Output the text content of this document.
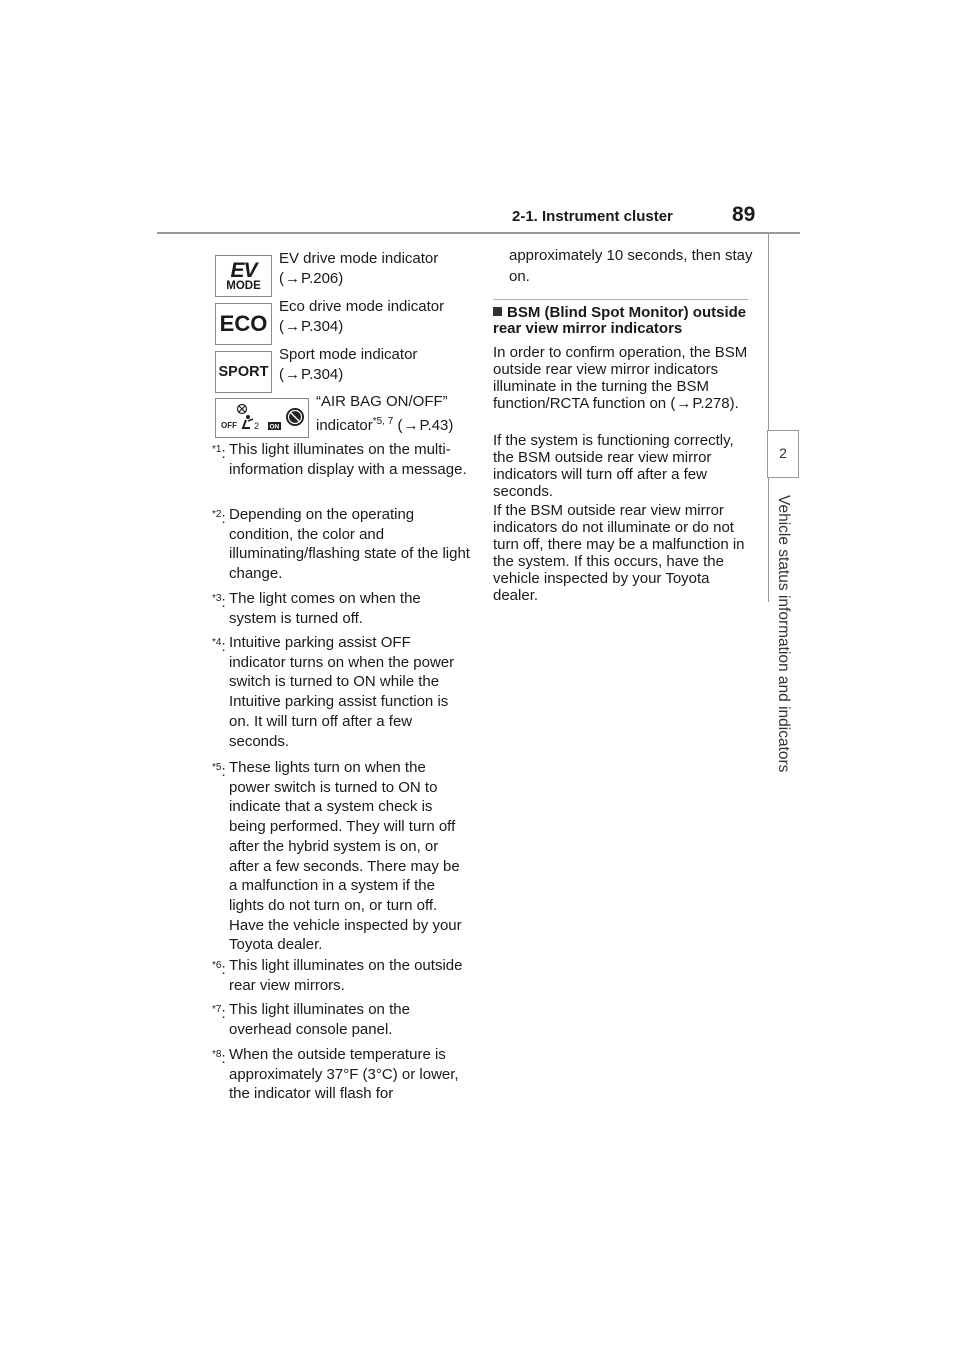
2-1. Instrument cluster	89
2
Vehicle status information and indicators
EV
MODE
EV drive mode indicator
(→P.206)
ECO
Eco drive mode indicator
(→P.304)
SPORT
Sport mode indicator
(→P.304)
OFF 2 ON
“AIR BAG ON/OFF”
indicator$^{*5, 7}$ (→P.43)
$^{*1}$: This light illuminates on the multi-information display with a message.
$^{*2}$: Depending on the operating condition, the color and illuminating/flashing state of the light change.
$^{*3}$: The light comes on when the system is turned off.
$^{*4}$: Intuitive parking assist OFF indicator turns on when the power switch is turned to ON while the Intuitive parking assist function is on. It will turn off after a few seconds.
$^{*5}$: These lights turn on when the power switch is turned to ON to indicate that a system check is being performed. They will turn off after the hybrid system is on, or after a few seconds. There may be a malfunction in a system if the lights do not turn on, or turn off. Have the vehicle inspected by your Toyota dealer.
$^{*6}$: This light illuminates on the outside rear view mirrors.
$^{*7}$: This light illuminates on the overhead console panel.
$^{*8}$: When the outside temperature is approximately 37°F (3°C) or lower, the indicator will flash for
approximately 10 seconds, then stay on.
BSM (Blind Spot Monitor) outside rear view mirror indicators
In order to confirm operation, the BSM outside rear view mirror indicators illuminate in the turning the BSM function/RCTA function on (→P.278).
If the system is functioning correctly, the BSM outside rear view mirror indicators will turn off after a few seconds.
If the BSM outside rear view mirror indicators do not illuminate or do not turn off, there may be a malfunction in the system. If this occurs, have the vehicle inspected by your Toyota dealer.
